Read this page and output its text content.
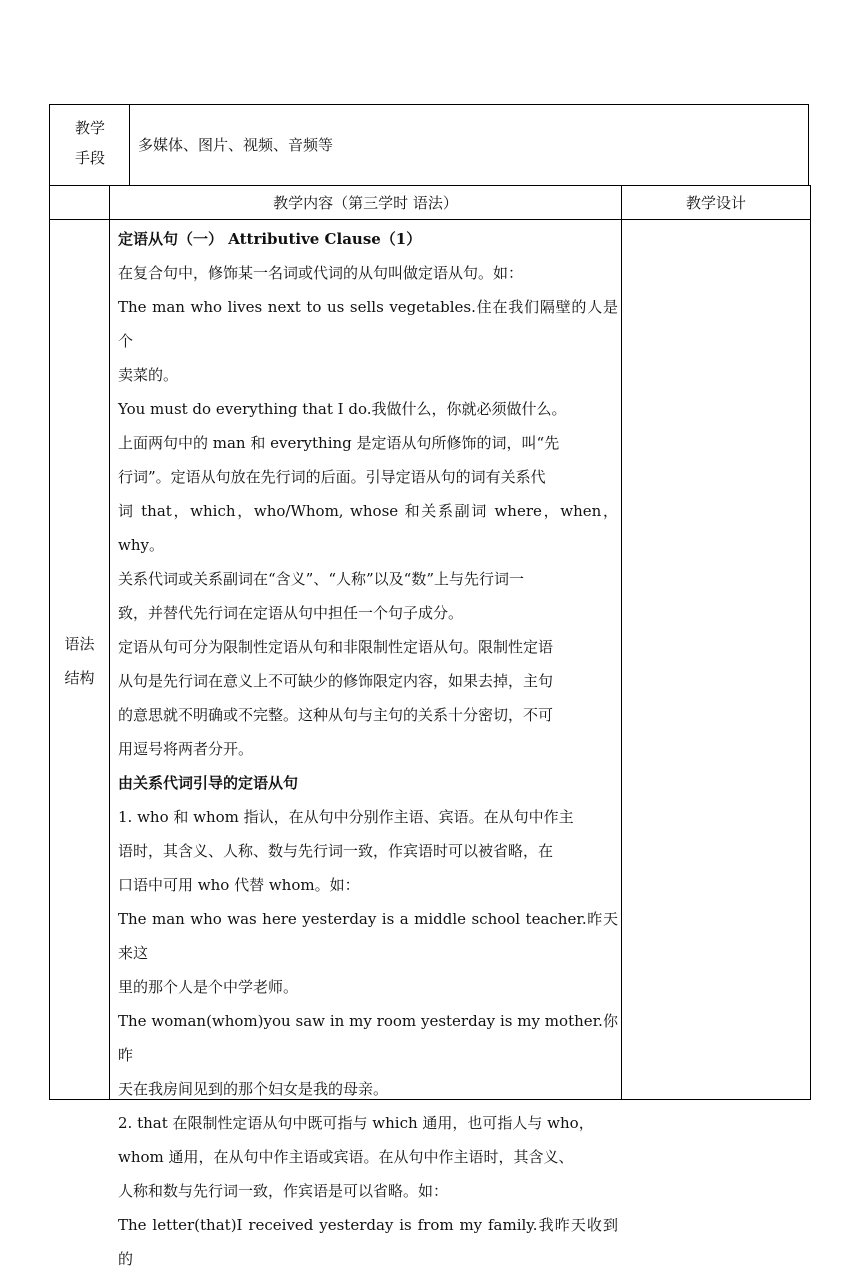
教学
手段
多媒体、图片、视频、音频等
教学内容（第三学时 语法）	教学设计
语法
结构

定语从句（一） Attributive Clause（1）

在复合句中，修饰某一名词或代词的从句叫做定语从句。如：

The man who lives next to us sells vegetables.住在我们隔壁的人是个

卖菜的。

You must do everything that I do.我做什么，你就必须做什么。

上面两句中的 man 和 everything 是定语从句所修饰的词，叫“先

行词”。定语从句放在先行词的后面。引导定语从句的词有关系代

词 that，which，who/Whom, whose 和关系副词 where，when，why。

关系代词或关系副词在“含义”、“人称”以及“数”上与先行词一

致，并替代先行词在定语从句中担任一个句子成分。

定语从句可分为限制性定语从句和非限制性定语从句。限制性定语

从句是先行词在意义上不可缺少的修饰限定内容，如果去掉，主句

的意思就不明确或不完整。这种从句与主句的关系十分密切，不可

用逗号将两者分开。

由关系代词引导的定语从句

1. who 和 whom 指认，在从句中分别作主语、宾语。在从句中作主

语时，其含义、人称、数与先行词一致，作宾语时可以被省略，在

口语中可用 who 代替 whom。如：

The man who was here yesterday is a middle school teacher.昨天来这

里的那个人是个中学老师。

The woman(whom)you saw in my room yesterday is my mother.你昨

天在我房间见到的那个妇女是我的母亲。

2. that 在限制性定语从句中既可指与 which 通用，也可指人与 who，

whom 通用，在从句中作主语或宾语。在从句中作主语时，其含义、

人称和数与先行词一致，作宾语是可以省略。如：

The letter(that)I received yesterday is from my family.我昨天收到的
